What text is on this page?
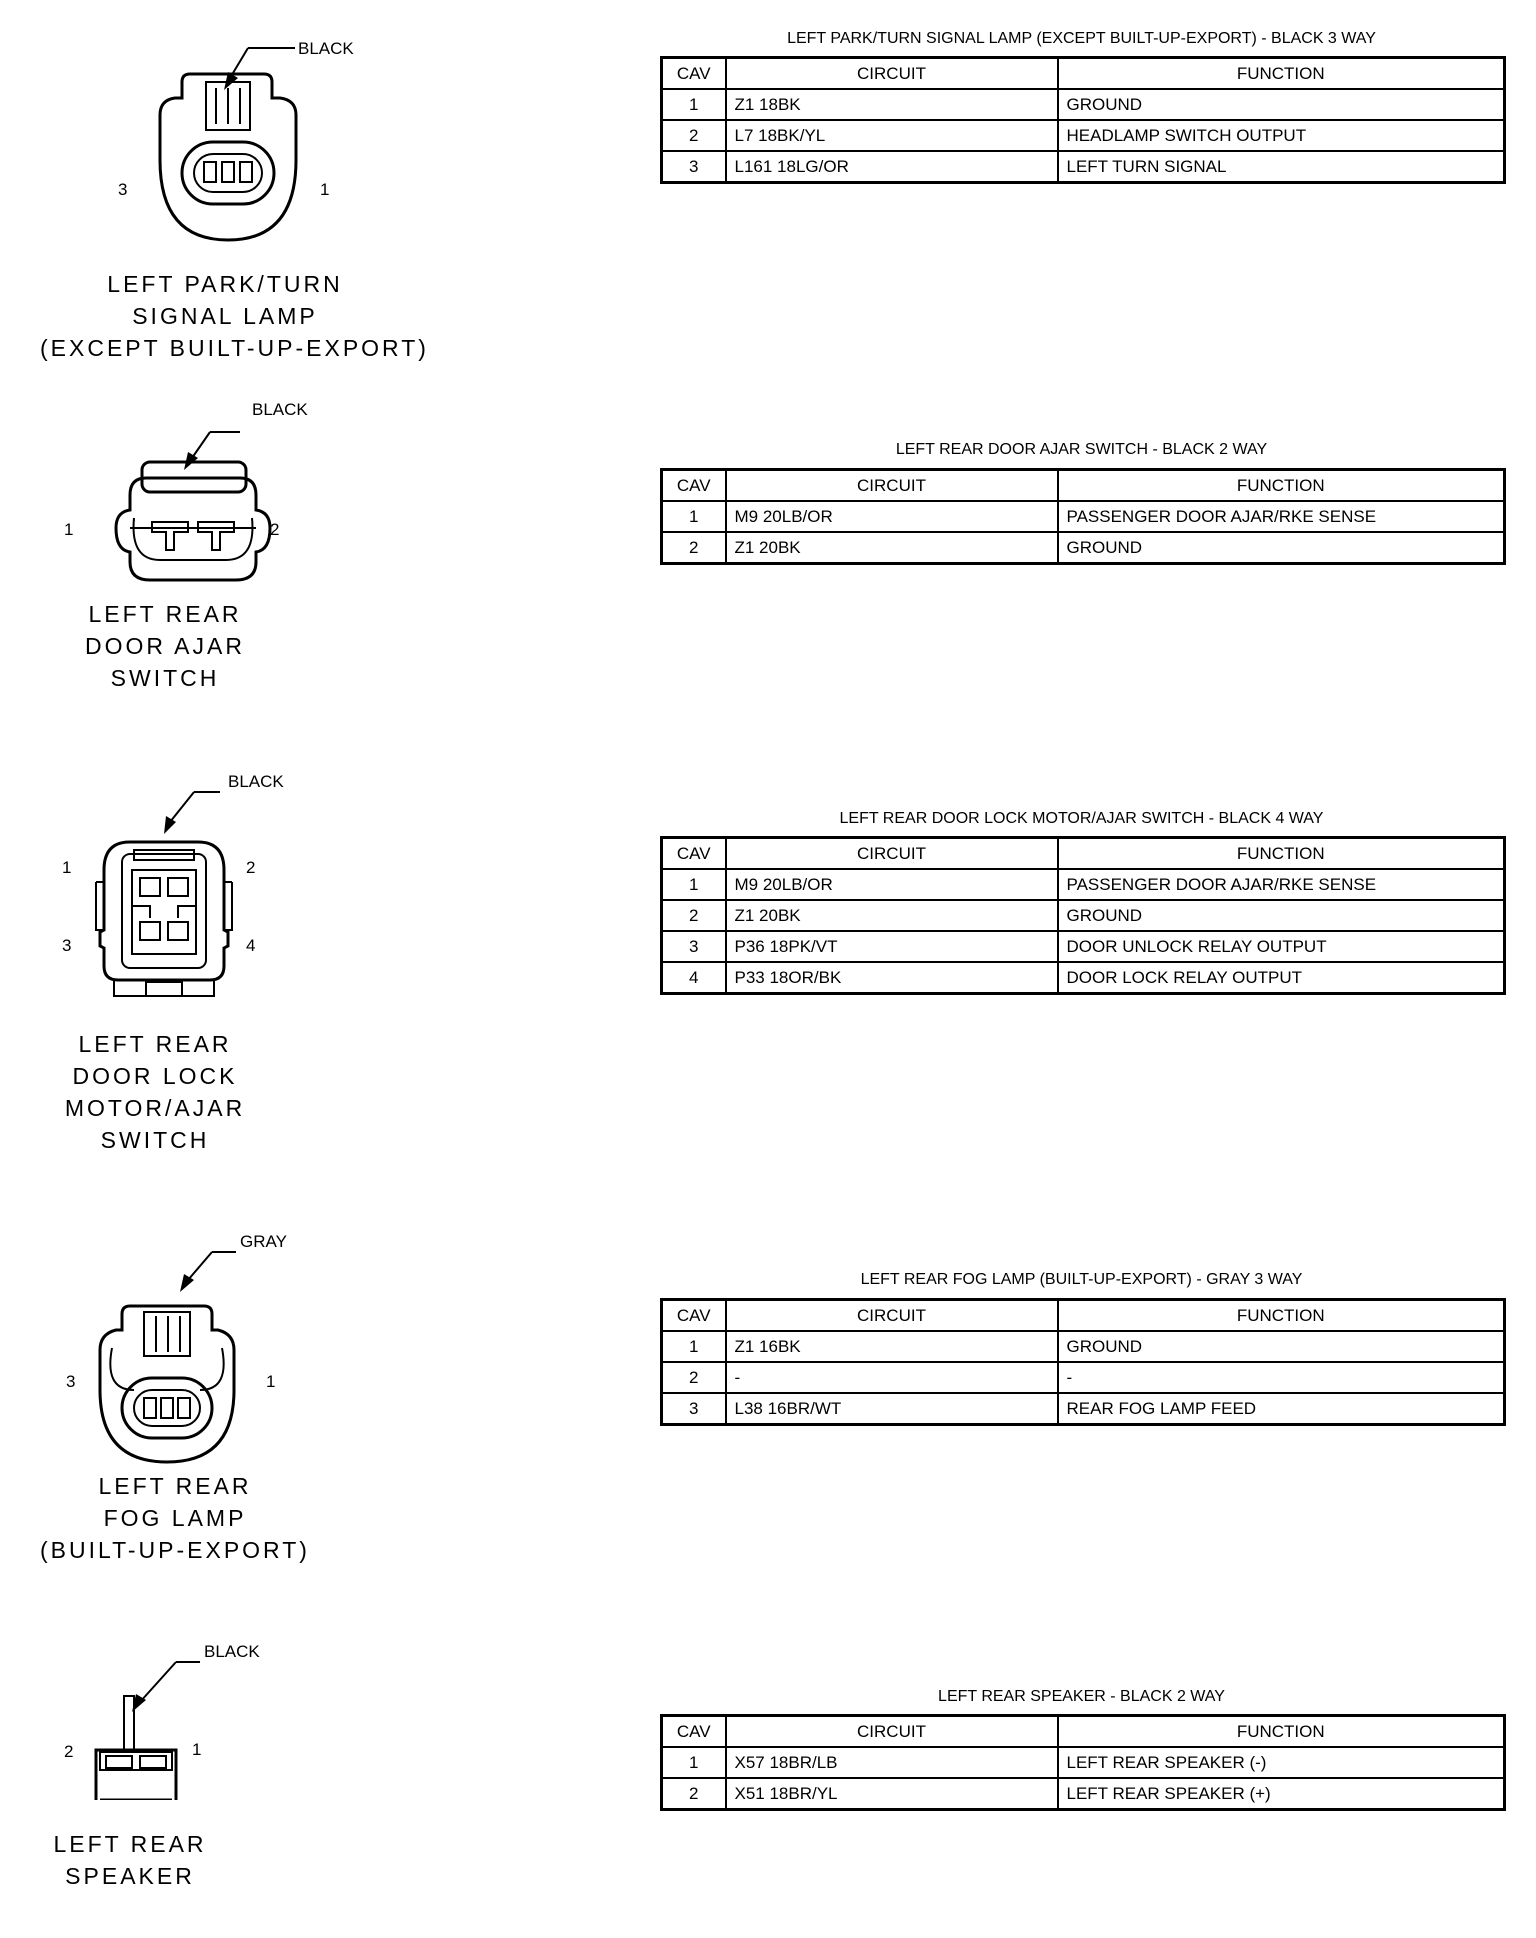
BLACK
3	1
LEFT PARK/TURN
SIGNAL LAMP
(EXCEPT BUILT-UP-EXPORT)
LEFT PARK/TURN SIGNAL LAMP (EXCEPT BUILT-UP-EXPORT) - BLACK 3 WAY
CAV	CIRCUIT	FUNCTION
1	Z1 18BK	GROUND
2	L7 18BK/YL	HEADLAMP SWITCH OUTPUT
3	L161 18LG/OR	LEFT TURN SIGNAL
BLACK
1	2
LEFT REAR
DOOR AJAR
SWITCH
LEFT REAR DOOR AJAR SWITCH - BLACK 2 WAY
CAV	CIRCUIT	FUNCTION
1	M9 20LB/OR	PASSENGER DOOR AJAR/RKE SENSE
2	Z1 20BK	GROUND
BLACK
1	2
3	4
LEFT REAR
DOOR LOCK
MOTOR/AJAR
SWITCH
LEFT REAR DOOR LOCK MOTOR/AJAR SWITCH - BLACK 4 WAY
CAV	CIRCUIT	FUNCTION
1	M9 20LB/OR	PASSENGER DOOR AJAR/RKE SENSE
2	Z1 20BK	GROUND
3	P36 18PK/VT	DOOR UNLOCK RELAY OUTPUT
4	P33 18OR/BK	DOOR LOCK RELAY OUTPUT
GRAY
3	1
LEFT REAR
FOG LAMP
(BUILT-UP-EXPORT)
LEFT REAR FOG LAMP (BUILT-UP-EXPORT) - GRAY 3 WAY
CAV	CIRCUIT	FUNCTION
1	Z1 16BK	GROUND
2	-	-
3	L38 16BR/WT	REAR FOG LAMP FEED
BLACK
2	1
LEFT REAR
SPEAKER
LEFT REAR SPEAKER - BLACK 2 WAY
CAV	CIRCUIT	FUNCTION
1	X57 18BR/LB	LEFT REAR SPEAKER (-)
2	X51 18BR/YL	LEFT REAR SPEAKER (+)
